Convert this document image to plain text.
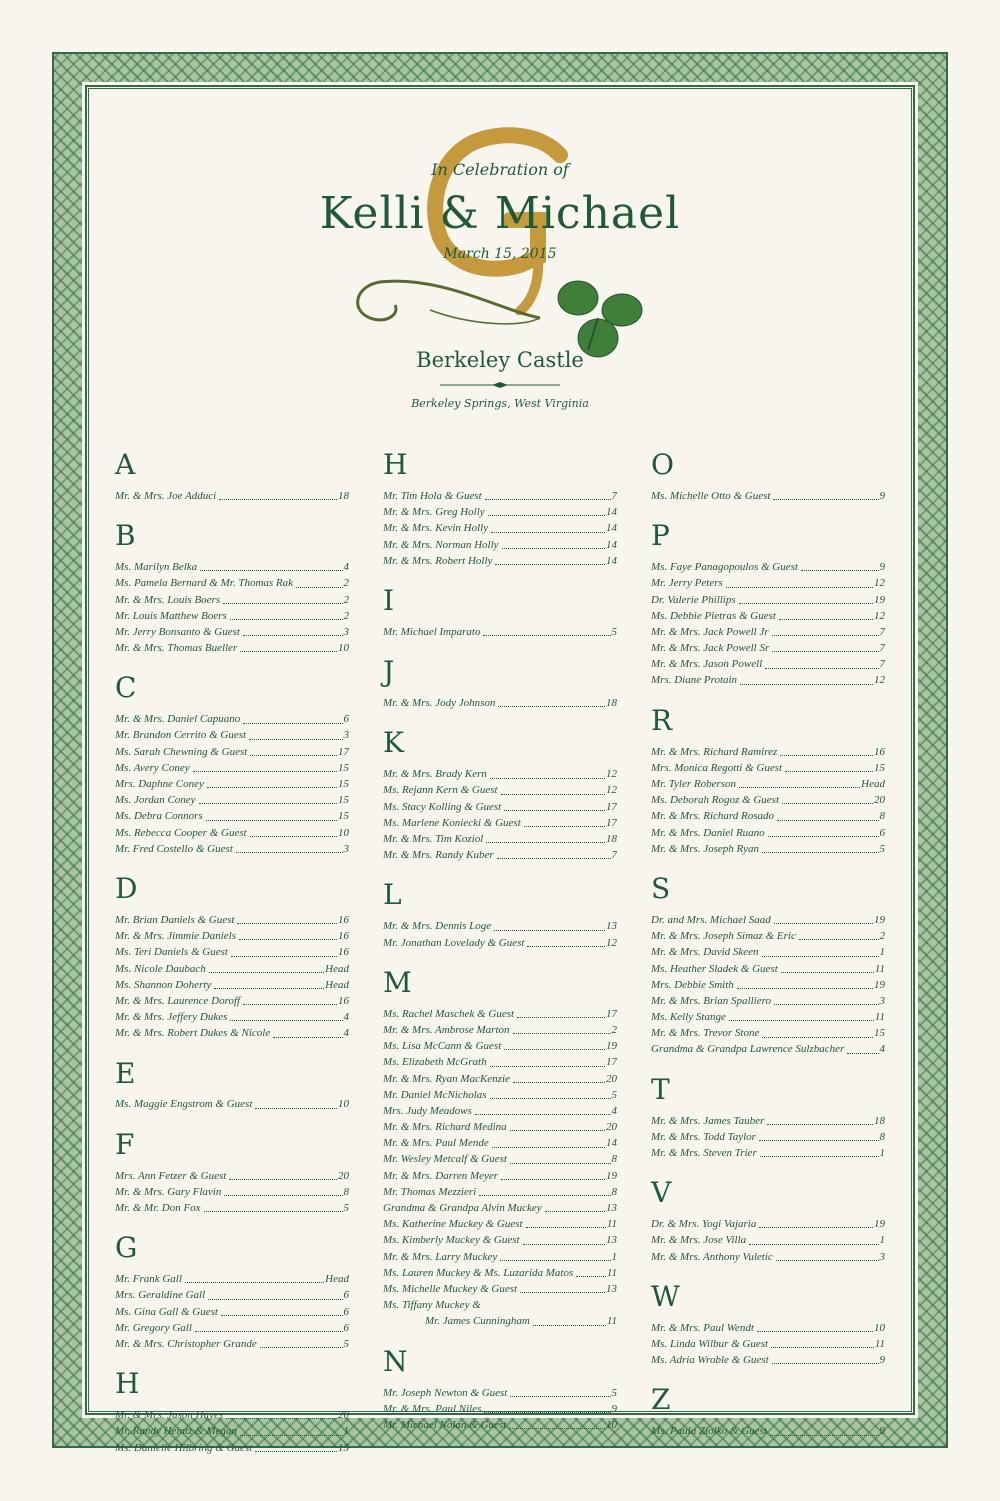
In Celebration of
Kelli & Michael
March 15, 2015
Berkeley Castle
Berkeley Springs, West Virginia
A
Mr. & Mrs. Joe Adduci	18
B
Ms. Marilyn Belka	4
Ms. Pamela Bernard & Mr. Thomas Rak	2
Mr. & Mrs. Louis Boers	2
Mr. Louis Matthew Boers	2
Mr. Jerry Bonsanto & Guest	3
Mr. & Mrs. Thomas Bueller	10
C
Mr. & Mrs. Daniel Capuano	6
Mr. Brandon Cerrito & Guest	3
Ms. Sarah Chewning & Guest	17
Ms. Avery Coney	15
Mrs. Daphne Coney	15
Ms. Jordan Coney	15
Ms. Debra Connors	15
Ms. Rebecca Cooper & Guest	10
Mr. Fred Costello & Guest	3
D
Mr. Brian Daniels & Guest	16
Mr. & Mrs. Jimmie Daniels	16
Ms. Teri Daniels & Guest	16
Ms. Nicole Daubach	Head
Ms. Shannon Doherty	Head
Mr. & Mrs. Laurence Doroff	16
Mr. & Mrs. Jeffery Dukes	4
Mr. & Mrs. Robert Dukes & Nicole	4
E
Ms. Maggie Engstrom & Guest	10
F
Mrs. Ann Fetzer & Guest	20
Mr. & Mrs. Gary Flavin	8
Mr. & Mr. Don Fox	5
G
Mr. Frank Gall	Head
Mrs. Geraldine Gall	6
Ms. Gina Gall & Guest	6
Mr. Gregory Gall	6
Mr. & Mrs. Christopher Grande	5
H
Mr. & Mrs. Jason Hayes	20
Mr. Randy Heintz & Megan	1
Ms. Danielle Hilbring & Guest	15
H
Mr. Tim Hola & Guest	7
Mr. & Mrs. Greg Holly	14
Mr. & Mrs. Kevin Holly	14
Mr. & Mrs. Norman Holly	14
Mr. & Mrs. Robert Holly	14
I
Mr. Michael Imparato	5
J
Mr. & Mrs. Jody Johnson	18
K
Mr. & Mrs. Brady Kern	12
Ms. Rejann Kern & Guest	12
Ms. Stacy Kolling & Guest	17
Ms. Marlene Koniecki & Guest	17
Mr. & Mrs. Tim Koziol	18
Mr. & Mrs. Randy Kuber	7
L
Mr. & Mrs. Dennis Loge	13
Mr. Jonathan Lovelady & Guest	12
M
Ms. Rachel Maschek & Guest	17
Mr. & Mrs. Ambrose Marton	2
Ms. Lisa McCann & Guest	19
Ms. Elizabeth McGrath	17
Mr. & Mrs. Ryan MacKenzie	20
Mr. Daniel McNicholas	5
Mrs. Judy Meadows	4
Mr. & Mrs. Richard Medina	20
Mr. & Mrs. Paul Mende	14
Mr. Wesley Metcalf & Guest	8
Mr. & Mrs. Darren Meyer	19
Mr. Thomas Mezzieri	8
Grandma & Grandpa Alvin Muckey	13
Ms. Katherine Muckey & Guest	11
Ms. Kimberly Muckey & Guest	13
Mr. & Mrs. Larry Muckey	1
Ms. Lauren Muckey & Ms. Luzarida Matos	11
Ms. Michelle Muckey & Guest	13
Ms. Tiffany Muckey &
Mr. James Cunningham	11
N
Mr. Joseph Newton & Guest	5
Mr. & Mrs. Paul Niles	9
Mr. Michael Nolan & Guest	10
O
Ms. Michelle Otto & Guest	9
P
Ms. Faye Panagopoulos & Guest	9
Mr. Jerry Peters	12
Dr. Valerie Phillips	19
Ms. Debbie Pietras & Guest	12
Mr. & Mrs. Jack Powell Jr	7
Mr. & Mrs. Jack Powell Sr	7
Mr. & Mrs. Jason Powell	7
Mrs. Diane Protain	12
R
Mr. & Mrs. Richard Ramirez	16
Mrs. Monica Regotti & Guest	15
Mr. Tyler Roberson	Head
Ms. Deborah Rogoz & Guest	20
Mr. & Mrs. Richard Rosado	8
Mr. & Mrs. Daniel Ruano	6
Mr. & Mrs. Joseph Ryan	5
S
Dr. and Mrs. Michael Saad	19
Mr. & Mrs. Joseph Simaz & Eric	2
Mr. & Mrs. David Skeen	1
Ms. Heather Sladek & Guest	11
Mrs. Debbie Smith	19
Mr. & Mrs. Brian Spalliero	3
Ms. Kelly Stange	11
Mr. & Mrs. Trevor Stone	15
Grandma & Grandpa Lawrence Sulzbacher	4
T
Mr. & Mrs. James Tauber	18
Mr. & Mrs. Todd Taylor	8
Mr. & Mrs. Steven Trier	1
V
Dr. & Mrs. Yogi Vajaria	19
Mr. & Mrs. Jose Villa	1
Mr. & Mrs. Anthony Vuletic	3
W
Mr. & Mrs. Paul Wendt	10
Ms. Linda Wilbur & Guest	11
Ms. Adria Wroble & Guest	9
Z
Ms. Paula Ziolko & Guest	9
